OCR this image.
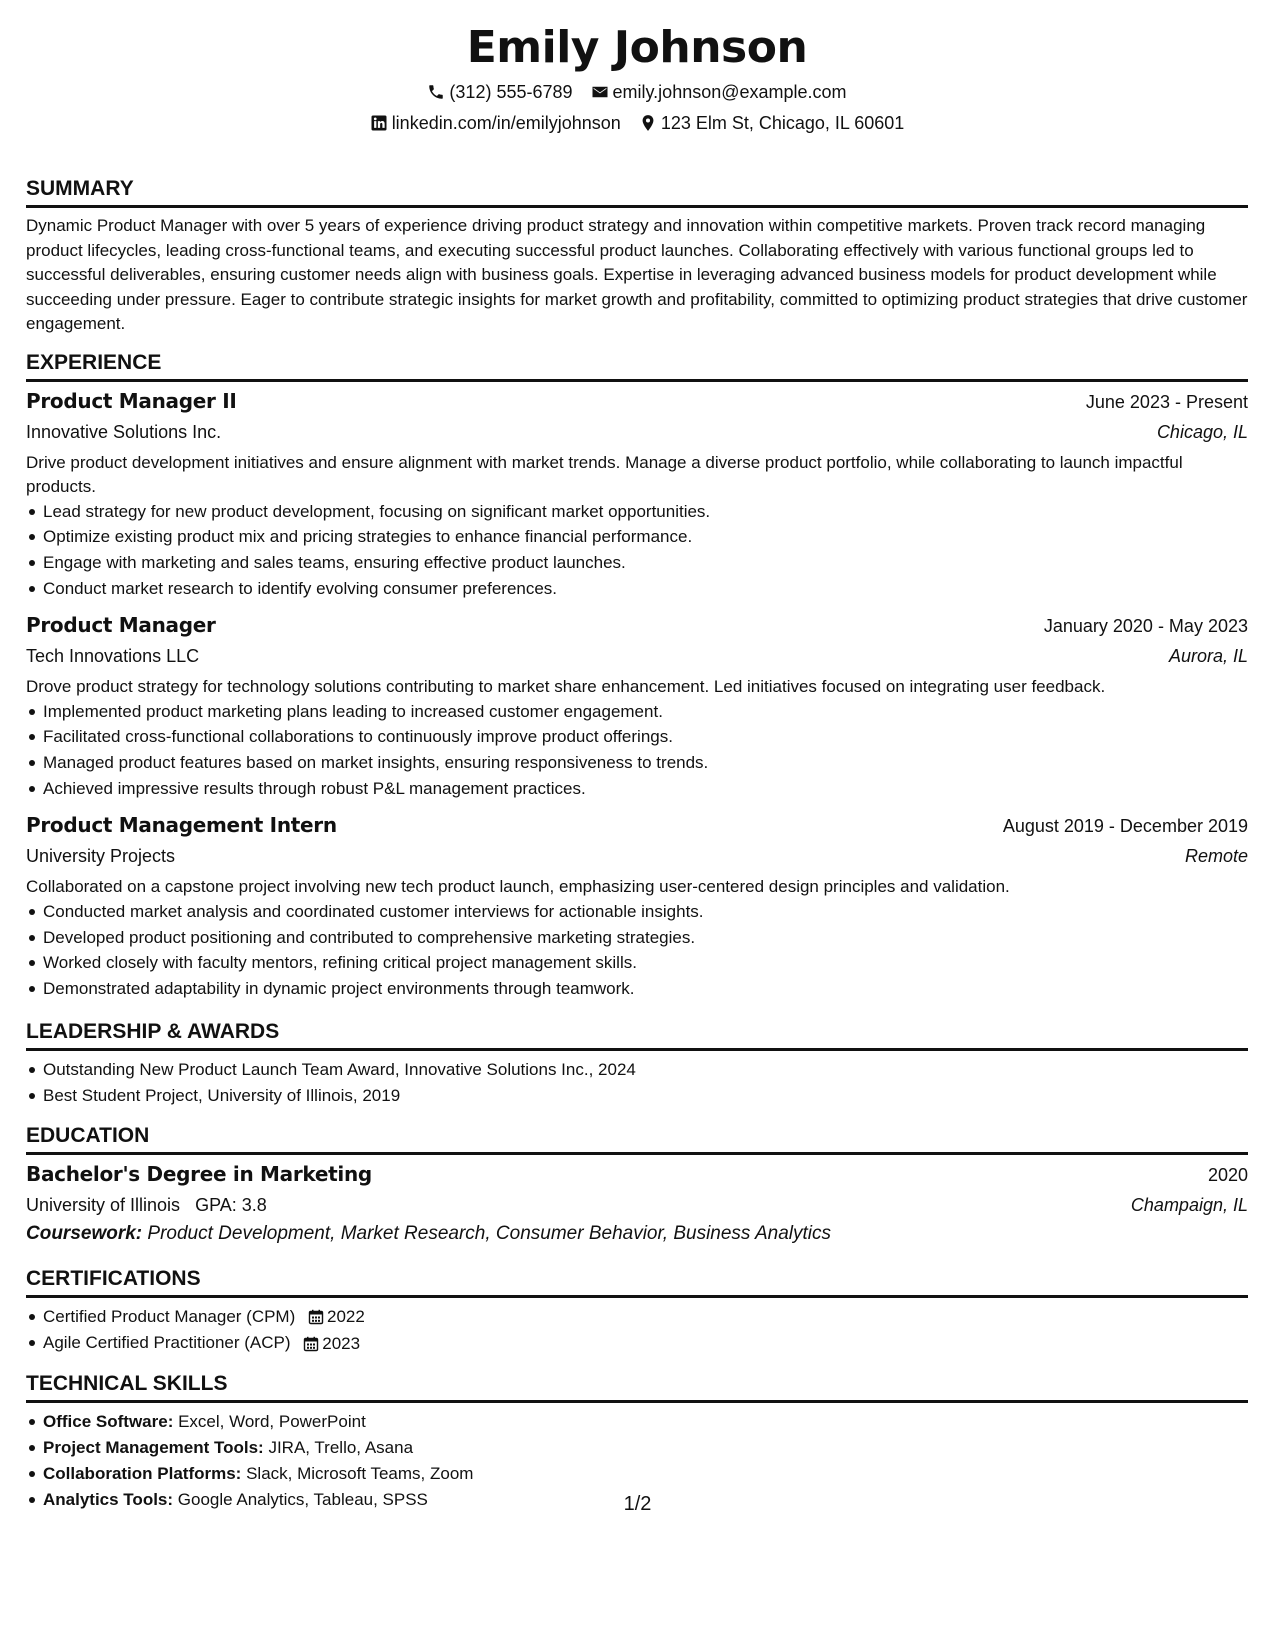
Emily Johnson
(312) 555-6789 emily.johnson@example.com
linkedin.com/in/emilyjohnson 123 Elm St, Chicago, IL 60601
SUMMARY

Dynamic Product Manager with over 5 years of experience driving product strategy and innovation within competitive markets. Proven track record managing product lifecycles, leading cross-functional teams, and executing successful product launches. Collaborating effectively with various functional groups led to successful deliverables, ensuring customer needs align with business goals. Expertise in leveraging advanced business models for product development while succeeding under pressure. Eager to contribute strategic insights for market growth and profitability, committed to optimizing product strategies that drive customer engagement.

EXPERIENCE
Product Manager II	June 2023 - Present
Innovative Solutions Inc.	Chicago, IL
Drive product development initiatives and ensure alignment with market trends. Manage a diverse product portfolio, while collaborating to launch impactful products.
Lead strategy for new product development, focusing on significant market opportunities.
Optimize existing product mix and pricing strategies to enhance financial performance.
Engage with marketing and sales teams, ensuring effective product launches.
Conduct market research to identify evolving consumer preferences.
Product Manager	January 2020 - May 2023
Tech Innovations LLC	Aurora, IL
Drove product strategy for technology solutions contributing to market share enhancement. Led initiatives focused on integrating user feedback.
Implemented product marketing plans leading to increased customer engagement.
Facilitated cross-functional collaborations to continuously improve product offerings.
Managed product features based on market insights, ensuring responsiveness to trends.
Achieved impressive results through robust P&L management practices.
Product Management Intern	August 2019 - December 2019
University Projects	Remote
Collaborated on a capstone project involving new tech product launch, emphasizing user-centered design principles and validation.
Conducted market analysis and coordinated customer interviews for actionable insights.
Developed product positioning and contributed to comprehensive marketing strategies.
Worked closely with faculty mentors, refining critical project management skills.
Demonstrated adaptability in dynamic project environments through teamwork.
LEADERSHIP & AWARDS
Outstanding New Product Launch Team Award, Innovative Solutions Inc., 2024
Best Student Project, University of Illinois, 2019
EDUCATION
Bachelor's Degree in Marketing	2020
University of Illinois GPA: 3.8	Champaign, IL
Coursework: Product Development, Market Research, Consumer Behavior, Business Analytics
CERTIFICATIONS
Certified Product Manager (CPM) 2022
Agile Certified Practitioner (ACP) 2023
TECHNICAL SKILLS
Office Software: Excel, Word, PowerPoint
Project Management Tools: JIRA, Trello, Asana
Collaboration Platforms: Slack, Microsoft Teams, Zoom
Analytics Tools: Google Analytics, Tableau, SPSS	1/2
